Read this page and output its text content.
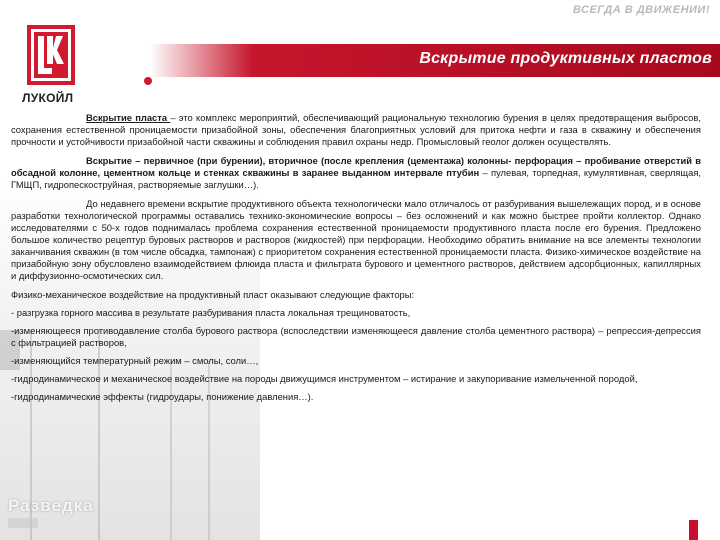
Разведка
ВСЕГДА В ДВИЖЕНИИ!
ЛУКОЙЛ
Вскрытие продуктивных пластов

Вскрытие пласта – это комплекс мероприятий, обеспечивающий рациональную технологию бурения в целях предотвращения выбросов, сохранения естественной проницаемости призабойной зоны, обеспечения благоприятных условий для притока нефти и газа в скважину и обеспечения прочности и устойчивости призабойной части скважины и соблюдения правил охраны недр. Промысловый геолог должен осуществлять.

Вскрытие – первичное (при бурении), вторичное (после крепления (цементажа) колонны- перфорация – пробивание отверстий в обсадной колонне, цементном кольце и стенках скважины в заранее выданном интервале птубин – пулевая, торпедная, кумулятивная, сверлящая, ГМЩП, гидропескоструйная, растворяемые заглушки…).

До недавнего времени вскрытие продуктивного объекта технологически мало отличалось от разбуривания вышележащих пород, и в основе разработки технологической программы оставались технико-экономические вопросы – без осложнений и как можно быстрее пройти коллектор. Однако исследователями с 50-х годов поднималась проблема сохранения естественной проницаемости продуктивного пласта после его бурения. Предложено большое количество рецептур буровых растворов и растворов (жидкостей) при перфорации. Необходимо обратить внимание на все элементы технологии заканчивания скважин (в том числе обсадка, тампонаж) с приоритетом сохранения естественной проницаемости пласта. Физико-химическое воздействие на призабойную зону обусловлено взаимодействием флюида пласта и фильтрата бурового и цементного растворов, действием адсорбционных, капиллярных и диффузионно-осмотических сил.

Физико-механическое воздействие на продуктивный пласт оказывают следующие факторы:

- разгрузка горного массива в результате разбуривания пласта локальная трещиноватость,

-изменяющееся противодавление столба бурового раствора (вспоследствии изменяющееся давление столба цементного раствора) – репрессия-депрессия с фильтрацией растворов,

-изменяющийся температурный режим – смолы, соли…,

-гидродинамическое и механическое воздействие на породы движущимся инструментом – истирание и закупоривание измельченной породой,

-гидродинамические эффекты (гидроудары, понижение давления…).
